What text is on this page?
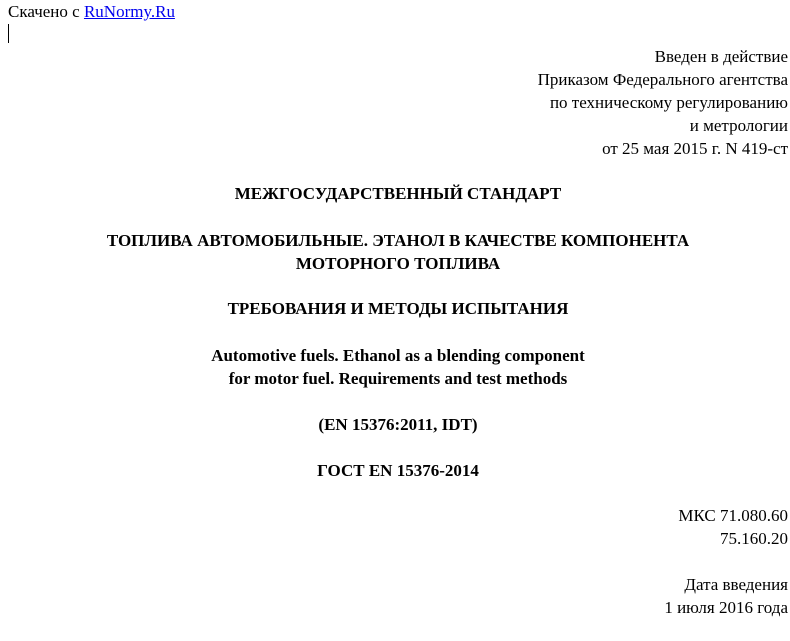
Скачено с RuNormy.Ru
Введен в действие
Приказом Федерального агентства
по техническому регулированию
и метрологии
от 25 мая 2015 г. N 419-ст
МЕЖГОСУДАРСТВЕННЫЙ СТАНДАРТ
ТОПЛИВА АВТОМОБИЛЬНЫЕ. ЭТАНОЛ В КАЧЕСТВЕ КОМПОНЕНТА
МОТОРНОГО ТОПЛИВА
ТРЕБОВАНИЯ И МЕТОДЫ ИСПЫТАНИЯ
Automotive fuels. Ethanol as a blending component
for motor fuel. Requirements and test methods
(EN 15376:2011, IDT)
ГОСТ EN 15376-2014
МКС 71.080.60
75.160.20
Дата введения
1 июля 2016 года
